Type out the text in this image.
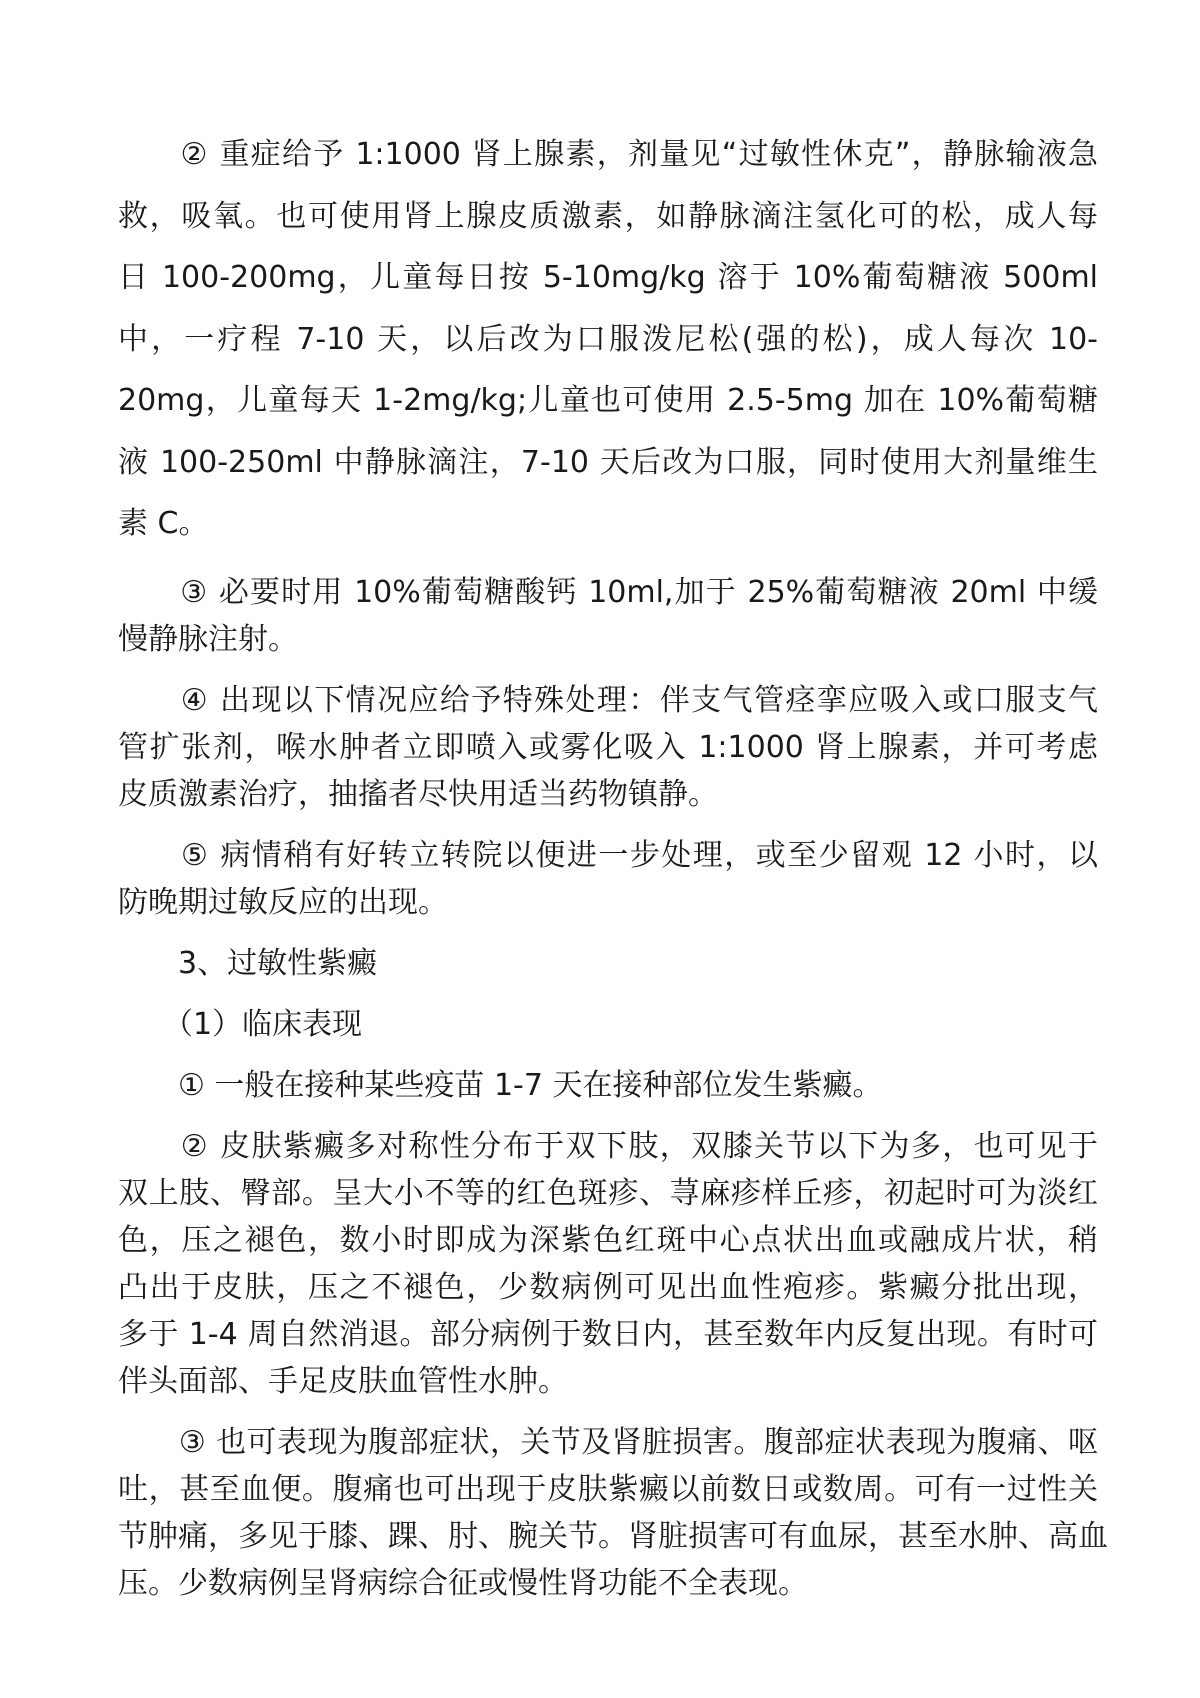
　　② 重症给予 1:1000 肾上腺素，剂量见“过敏性休克”，静脉输液急
救，吸氧。也可使用肾上腺皮质激素，如静脉滴注氢化可的松，成人每
日 100-200mg，儿童每日按 5-10mg/kg 溶于 10%葡萄糖液 500ml
中，一疗程 7-10 天，以后改为口服泼尼松(强的松)，成人每次 10-
20mg，儿童每天 1-2mg/kg;儿童也可使用 2.5-5mg 加在 10%葡萄糖
液 100-250ml 中静脉滴注，7-10 天后改为口服，同时使用大剂量维生
素 C。

　　③ 必要时用 10%葡萄糖酸钙 10ml,加于 25%葡萄糖液 20ml 中缓
慢静脉注射。

　　④ 出现以下情况应给予特殊处理：伴支气管痉挛应吸入或口服支气
管扩张剂，喉水肿者立即喷入或雾化吸入 1:1000 肾上腺素，并可考虑
皮质激素治疗，抽搐者尽快用适当药物镇静。

　　⑤ 病情稍有好转立转院以便进一步处理，或至少留观 12 小时，以
防晚期过敏反应的出现。

　　3、过敏性紫癜

　　（1）临床表现

　　① 一般在接种某些疫苗 1-7 天在接种部位发生紫癜。

　　② 皮肤紫癜多对称性分布于双下肢，双膝关节以下为多，也可见于
双上肢、臀部。呈大小不等的红色斑疹、荨麻疹样丘疹，初起时可为淡红
色，压之褪色，数小时即成为深紫色红斑中心点状出血或融成片状，稍
凸出于皮肤，压之不褪色，少数病例可见出血性疱疹。紫癜分批出现，
多于 1-4 周自然消退。部分病例于数日内，甚至数年内反复出现。有时可
伴头面部、手足皮肤血管性水肿。

　　③ 也可表现为腹部症状，关节及肾脏损害。腹部症状表现为腹痛、呕
吐，甚至血便。腹痛也可出现于皮肤紫癜以前数日或数周。可有一过性关
节肿痛，多见于膝、踝、肘、腕关节。肾脏损害可有血尿，甚至水肿、高血
压。少数病例呈肾病综合征或慢性肾功能不全表现。
